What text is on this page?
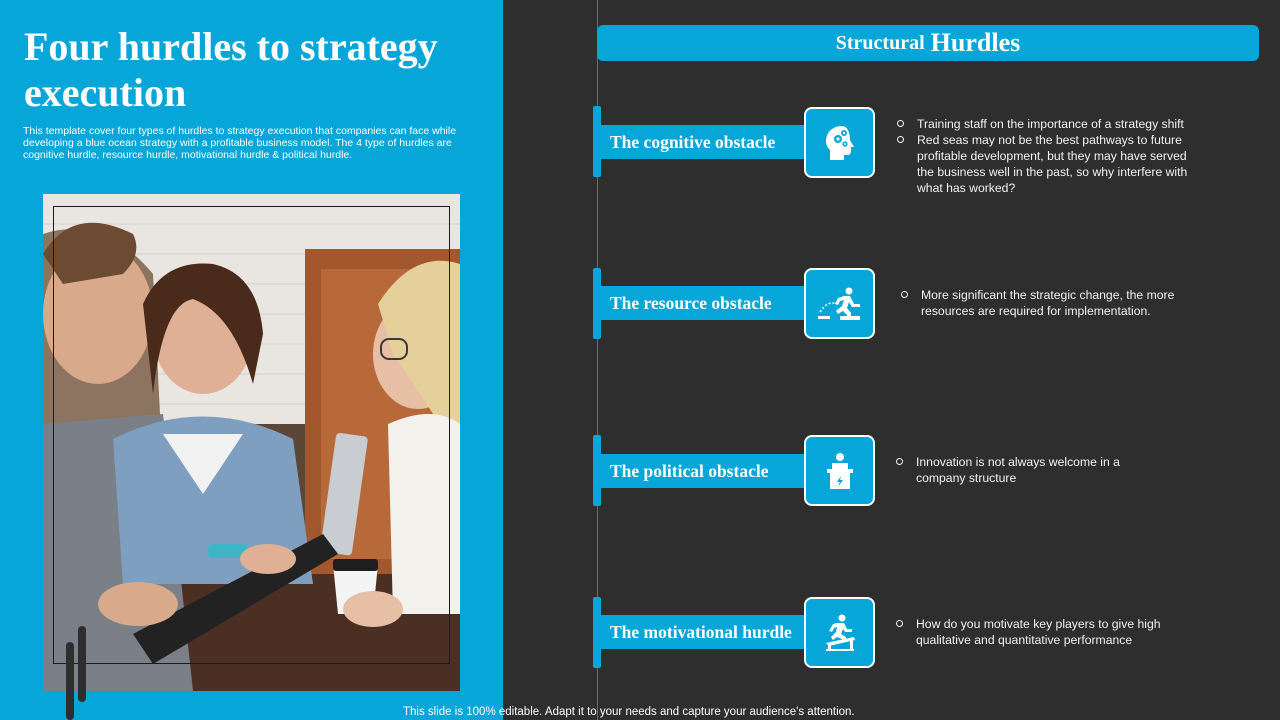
Four hurdles to strategy execution

This template cover four types of hurdles to strategy execution that companies can face while developing a blue ocean strategy with a profitable business model. The 4 type of hurdles are cognitive hurdle, resource hurdle, motivational hurdle & political hurdle.

Structural Hurdles
The cognitive obstacle
Training staff on the importance of a strategy shift
Red seas may not be the best pathways to future profitable development, but they may have served the business well in the past, so why interfere with what has worked?
The resource obstacle	More significant the strategic change, the more resources are required for implementation.
The political obstacle	Innovation is not always welcome in a company structure
The motivational hurdle	How do you motivate key players to give high qualitative and quantitative performance
This slide is 100% editable. Adapt it to your needs and capture your audience's attention.
